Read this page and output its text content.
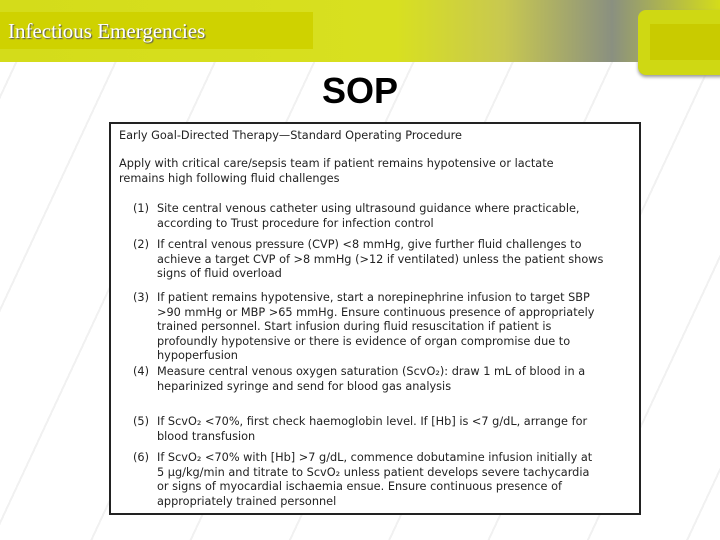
Infectious Emergencies
SOP
Early Goal-Directed Therapy—Standard Operating Procedure
Apply with critical care/sepsis team if patient remains hypotensive or lactate
remains high following fluid challenges
(1) Site central venous catheter using ultrasound guidance where practicable,
according to Trust procedure for infection control
(2) If central venous pressure (CVP) <8 mmHg, give further fluid challenges to
achieve a target CVP of >8 mmHg (>12 if ventilated) unless the patient shows
signs of fluid overload
(3) If patient remains hypotensive, start a norepinephrine infusion to target SBP
>90 mmHg or MBP >65 mmHg. Ensure continuous presence of appropriately
trained personnel. Start infusion during fluid resuscitation if patient is
profoundly hypotensive or there is evidence of organ compromise due to
hypoperfusion
(4) Measure central venous oxygen saturation (ScvO₂): draw 1 mL of blood in a
heparinized syringe and send for blood gas analysis
(5) If ScvO₂ <70%, first check haemoglobin level. If [Hb] is <7 g/dL, arrange for
blood transfusion
(6) If ScvO₂ <70% with [Hb] >7 g/dL, commence dobutamine infusion initially at
5 µg/kg/min and titrate to ScvO₂ unless patient develops severe tachycardia
or signs of myocardial ischaemia ensue. Ensure continuous presence of
appropriately trained personnel
